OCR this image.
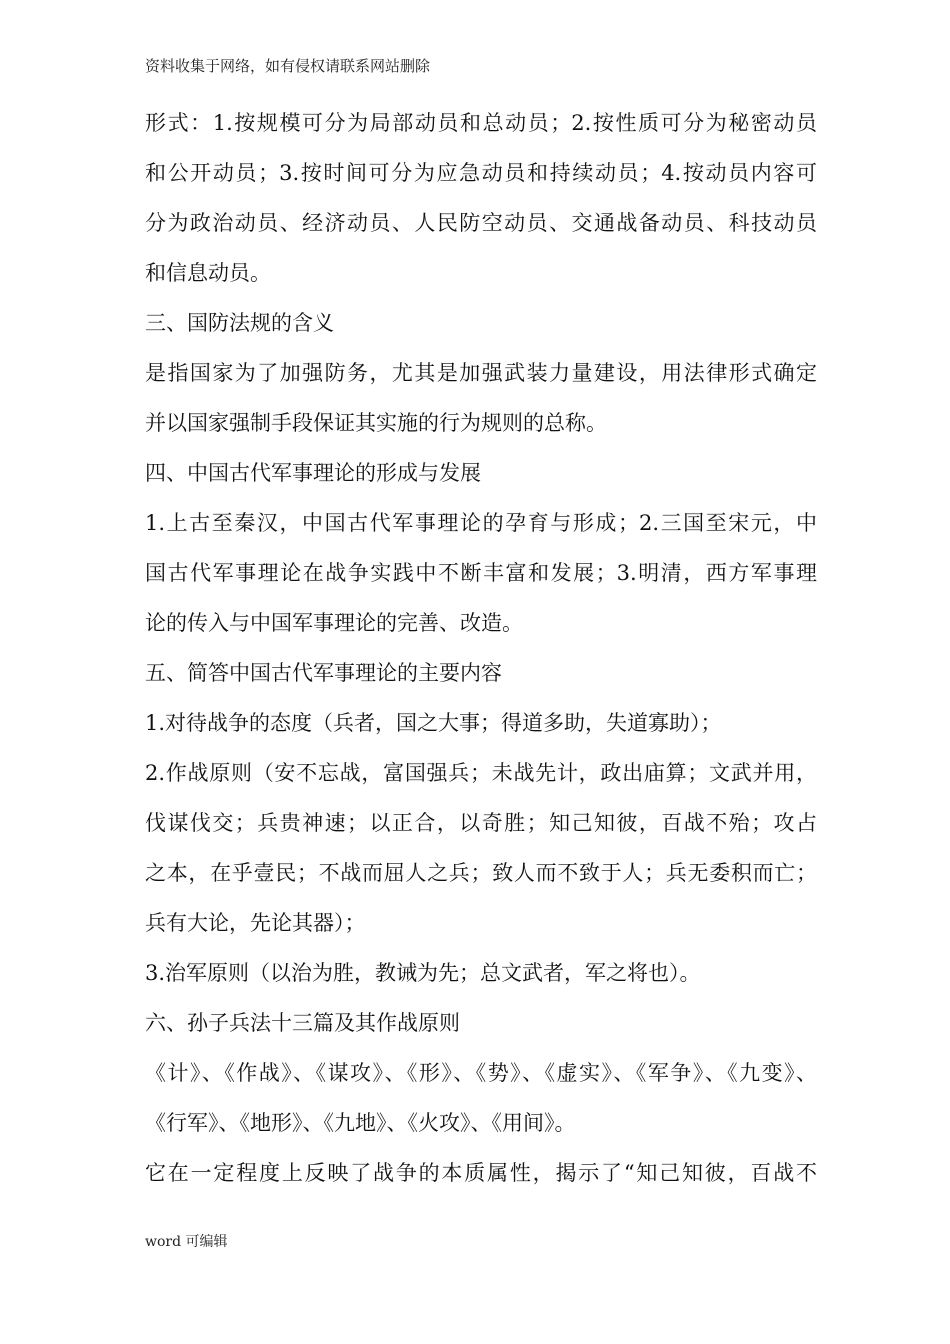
资料收集于网络，如有侵权请联系网站删除
形式：1.按规模可分为局部动员和总动员；2.按性质可分为秘密动员
和公开动员；3.按时间可分为应急动员和持续动员；4.按动员内容可
分为政治动员、经济动员、人民防空动员、交通战备动员、科技动员
和信息动员。
三、国防法规的含义
是指国家为了加强防务，尤其是加强武装力量建设，用法律形式确定
并以国家强制手段保证其实施的行为规则的总称。
四、中国古代军事理论的形成与发展
1.上古至秦汉，中国古代军事理论的孕育与形成；2.三国至宋元，中
国古代军事理论在战争实践中不断丰富和发展；3.明清，西方军事理
论的传入与中国军事理论的完善、改造。
五、简答中国古代军事理论的主要内容
1.对待战争的态度（兵者，国之大事；得道多助，失道寡助）；
2.作战原则（安不忘战，富国强兵；未战先计，政出庙算；文武并用，
伐谋伐交；兵贵神速；以正合，以奇胜；知己知彼，百战不殆；攻占
之本，在乎壹民；不战而屈人之兵；致人而不致于人；兵无委积而亡；
兵有大论，先论其器）；
3.治军原则（以治为胜，教诫为先；总文武者，军之将也）。
六、孙子兵法十三篇及其作战原则
《计》、《作战》、《谋攻》、《形》、《势》、《虚实》、《军争》、《九变》、
《行军》、《地形》、《九地》、《火攻》、《用间》。
它在一定程度上反映了战争的本质属性，揭示了“知己知彼，百战不
word 可编辑
